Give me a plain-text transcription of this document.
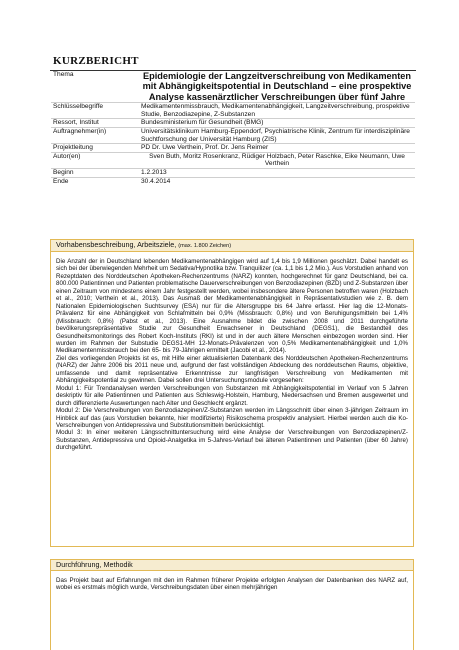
KURZBERICHT
Thema	Epidemiologie der Langzeitverschreibung von Medikamenten mit Abhängigkeitspotential in Deutschland – eine prospektive Analyse kassenärztlicher Verschreibungen über fünf Jahre
Schlüsselbegriffe	Medikamentenmissbrauch, Medikamentenabhängigkeit, Langzeitverschreibung, prospektive Studie, Benzodiazepine, Z-Substanzen
Ressort, Institut	Bundesministerium für Gesundheit (BMG)
Auftragnehmer(in)	Universitätsklinikum Hamburg-Eppendorf, Psychiatrische Klinik, Zentrum für interdisziplinäre Suchtforschung der Universität Hamburg (ZIS)
Projektleitung	PD Dr. Uwe Verthein, Prof. Dr. Jens Reimer
Autor(en)	Sven Buth, Moritz Rosenkranz, Rüdiger Holzbach, Peter Raschke, Eike Neumann, Uwe Verthein
Beginn	1.2.2013
Ende	30.4.2014
Vorhabensbeschreibung, Arbeitsziele, (max. 1.800 Zeichen)

Die Anzahl der in Deutschland lebenden Medikamentenabhängigen wird auf 1,4 bis 1,9 Millionen geschätzt. Dabei handelt es sich bei der überwiegenden Mehrheit um Sedativa/Hypnotika bzw. Tranquilizer (ca. 1,1 bis 1,2 Mio.). Aus Vorstudien anhand von Rezeptdaten des Norddeutschen Apotheken-Rechenzentrums (NARZ) konnten, hochgerechnet für ganz Deutschland, bei ca. 800.000 Patientinnen und Patienten problematische Dauerverschreibungen von Benzodiazepinen (BZD) und Z-Substanzen über einen Zeitraum von mindestens einem Jahr festgestellt werden, wobei insbesondere ältere Personen betroffen waren (Holzbach et al., 2010; Verthein et al., 2013). Das Ausmaß der Medikamentenabhängigkeit in Repräsentativstudien wie z. B. dem Nationalen Epidemiologischen Suchtsurvey (ESA) nur für die Altersgruppe bis 64 Jahre erfasst. Hier lag die 12-Monats-Prävalenz für eine Abhängigkeit von Schlafmitteln bei 0,9% (Missbrauch: 0,8%) und von Beruhigungsmitteln bei 1,4% (Missbrauch: 0,8%) (Pabst et al., 2013). Eine Ausnahme bildet die zwischen 2008 und 2011 durchgeführte bevölkerungsrepräsentative Studie zur Gesundheit Erwachsener in Deutschland (DEGS1), die Bestandteil des Gesundheitsmonitorings des Robert Koch-Instituts (RKI) ist und in der auch ältere Menschen einbezogen worden sind. Hier wurden im Rahmen der Substudie DEGS1-MH 12-Monats-Prävalenzen von 0,5% Medikamentenabhängigkeit und 1,0% Medikamentenmissbrauch bei den 65- bis 79-Jährigen ermittelt (Jacobi et al., 2014).

Ziel des vorliegenden Projekts ist es, mit Hilfe einer aktualisierten Datenbank des Norddeutschen Apotheken-Rechenzentrums (NARZ) der Jahre 2006 bis 2011 neue und, aufgrund der fast vollständigen Abdeckung des norddeutschen Raums, objektive, umfassende und damit repräsentative Erkenntnisse zur langfristigen Verschreibung von Medikamenten mit Abhängigkeitspotential zu gewinnen. Dabei sollen drei Untersuchungsmodule vorgesehen:

Modul 1: Für Trendanalysen werden Verschreibungen von Substanzen mit Abhängigkeitspotential im Verlauf von 5 Jahren deskriptiv für alle Patientinnen und Patienten aus Schleswig-Holstein, Hamburg, Niedersachsen und Bremen ausgewertet und durch differenzierte Auswertungen nach Alter und Geschlecht ergänzt.

Modul 2: Die Verschreibungen von Benzodiazepinen/Z-Substanzen werden im Längsschnitt über einen 3-jährigen Zeitraum im Hinblick auf das (aus Vorstudien bekannte, hier modifizierte) Risikoschema prospektiv analysiert. Hierbei werden auch die Ko-Verschreibungen von Antidepressiva und Substitutionsmitteln berücksichtigt.

Modul 3: In einer weiteren Längsschnittuntersuchung wird eine Analyse der Verschreibungen von Benzodiazepinen/Z-Substanzen, Antidepressiva und Opioid-Analgetika im 5-Jahres-Verlauf bei älteren Patientinnen und Patienten (über 60 Jahre) durchgeführt.

Durchführung, Methodik

Das Projekt baut auf Erfahrungen mit den im Rahmen früherer Projekte erfolgten Analysen der Datenbanken des NARZ auf, wobei es erstmals möglich wurde, Verschreibungsdaten über einen mehrjährigen
